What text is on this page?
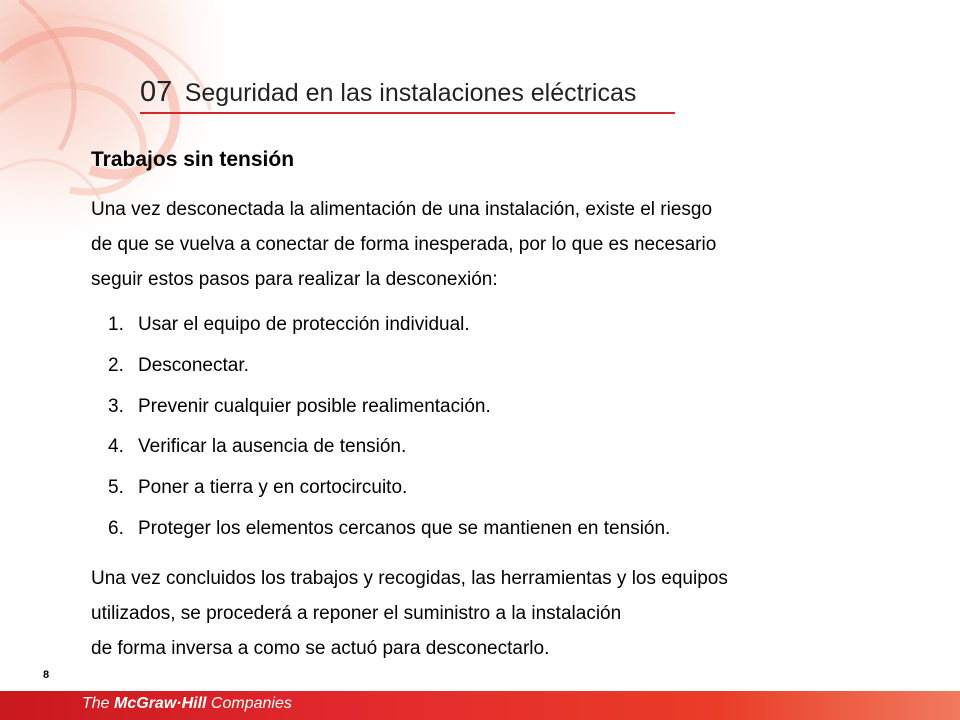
07 Seguridad en las instalaciones eléctricas
Trabajos sin tensión

Una vez desconectada la alimentación de una instalación, existe el riesgo
de que se vuelva a conectar de forma inesperada, por lo que es necesario
seguir estos pasos para realizar la desconexión:

1. Usar el equipo de protección individual.
2. Desconectar.
3. Prevenir cualquier posible realimentación.
4. Verificar la ausencia de tensión.
5. Poner a tierra y en cortocircuito.
6. Proteger los elementos cercanos que se mantienen en tensión.

Una vez concluidos los trabajos y recogidas, las herramientas y los equipos
utilizados, se procederá a reponer el suministro a la instalación
de forma inversa a como se actuó para desconectarlo.

8
The McGraw·Hill Companies
